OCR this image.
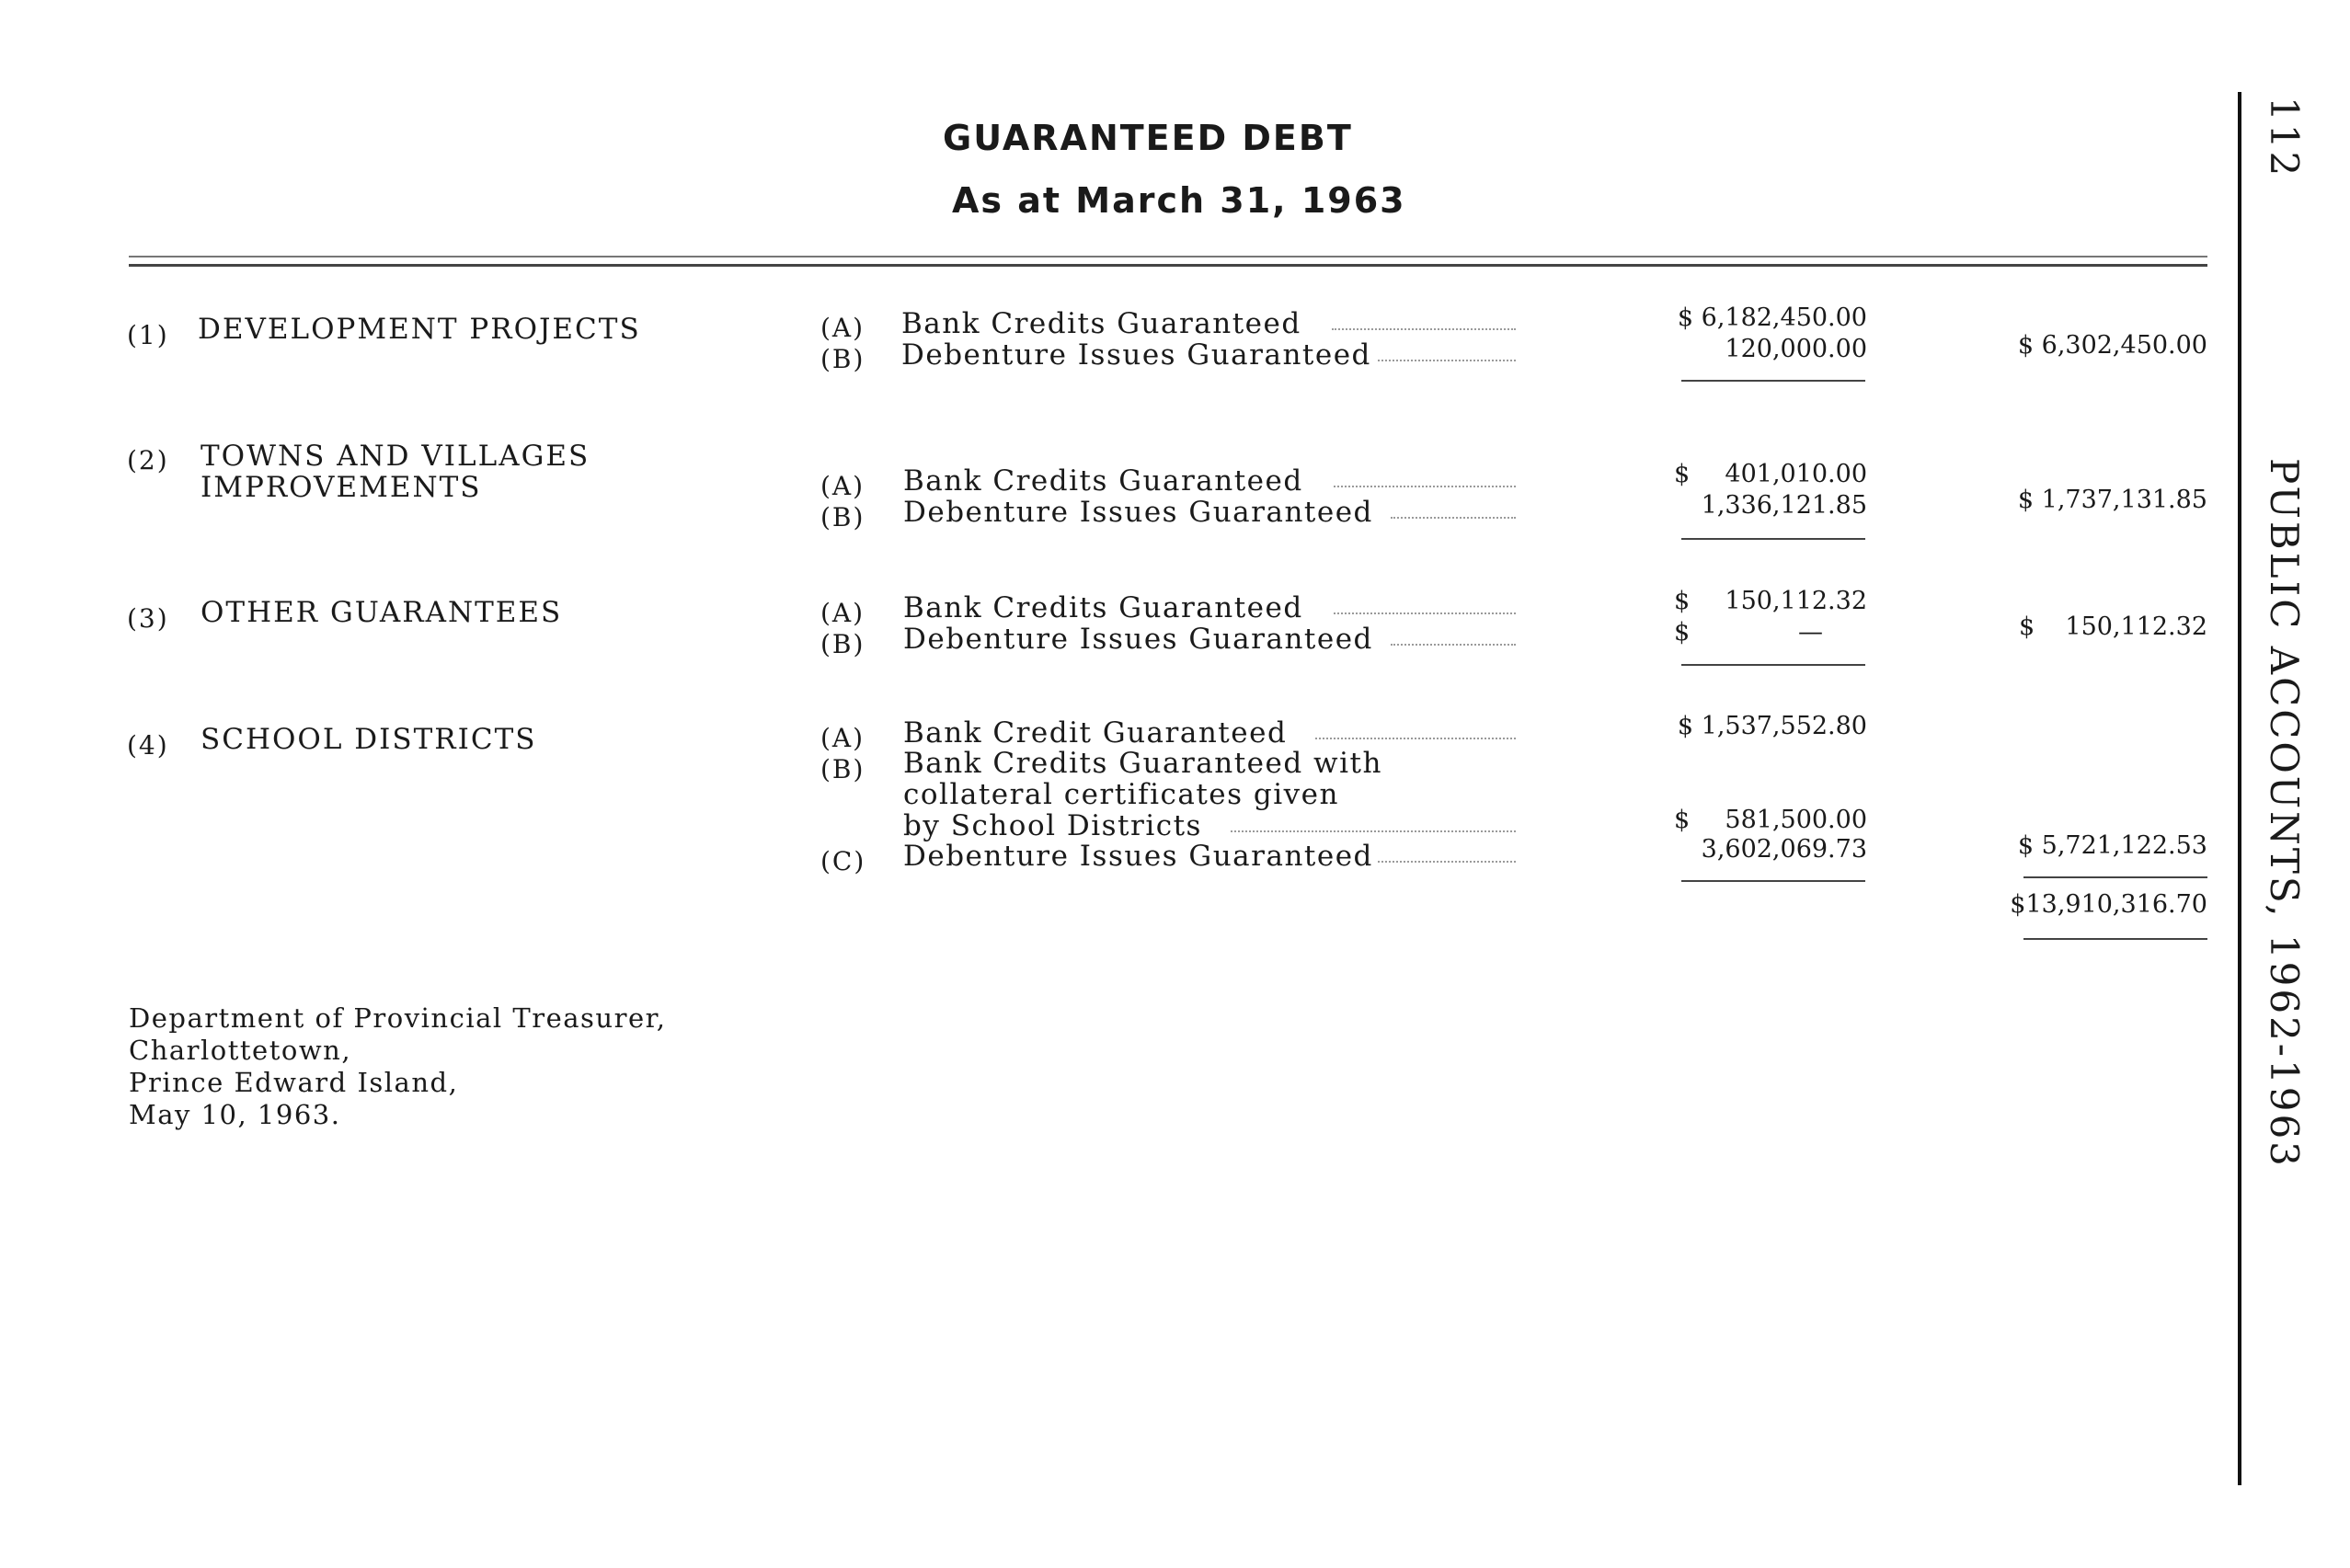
GUARANTEED DEBT
As at March 31, 1963
112
PUBLIC ACCOUNTS, 1962-1963
(1) DEVELOPMENT PROJECTS	(A) Bank Credits Guaranteed	$ 6,182,450.00
(B) Debenture Issues Guaranteed	120,000.00	$ 6,302,450.00
(2) TOWNS AND VILLAGES
IMPROVEMENTS	(A) Bank Credits Guaranteed	$	401,010.00
(B) Debenture Issues Guaranteed	1,336,121.85	$ 1,737,131.85
(3) OTHER GUARANTEES	(A) Bank Credits Guaranteed	$	150,112.32
(B) Debenture Issues Guaranteed	$	—	$	150,112.32
(4) SCHOOL DISTRICTS	(A) Bank Credit Guaranteed	$ 1,537,552.80
(B) Bank Credits Guaranteed with
collateral certificates given
by School Districts	$	581,500.00
(C) Debenture Issues Guaranteed	3,602,069.73	$ 5,721,122.53
$13,910,316.70
Department of Provincial Treasurer,
Charlottetown,
Prince Edward Island,
May 10, 1963.
